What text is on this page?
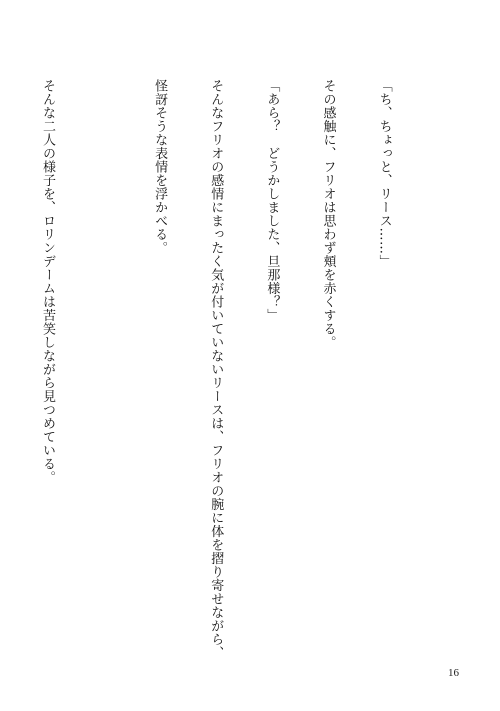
「ち、ちょっと、リース……」

その感触に、フリオは思わず頬を赤くする。

「あら？　どうかしました、旦那様？」

そんなフリオの感情にまったく気が付いていないリースは、フリオの腕に体を摺り寄せながら、

怪訝そうな表情を浮かべる。

そんな二人の様子を、ロリンデームは苦笑しながら見つめている。

16
